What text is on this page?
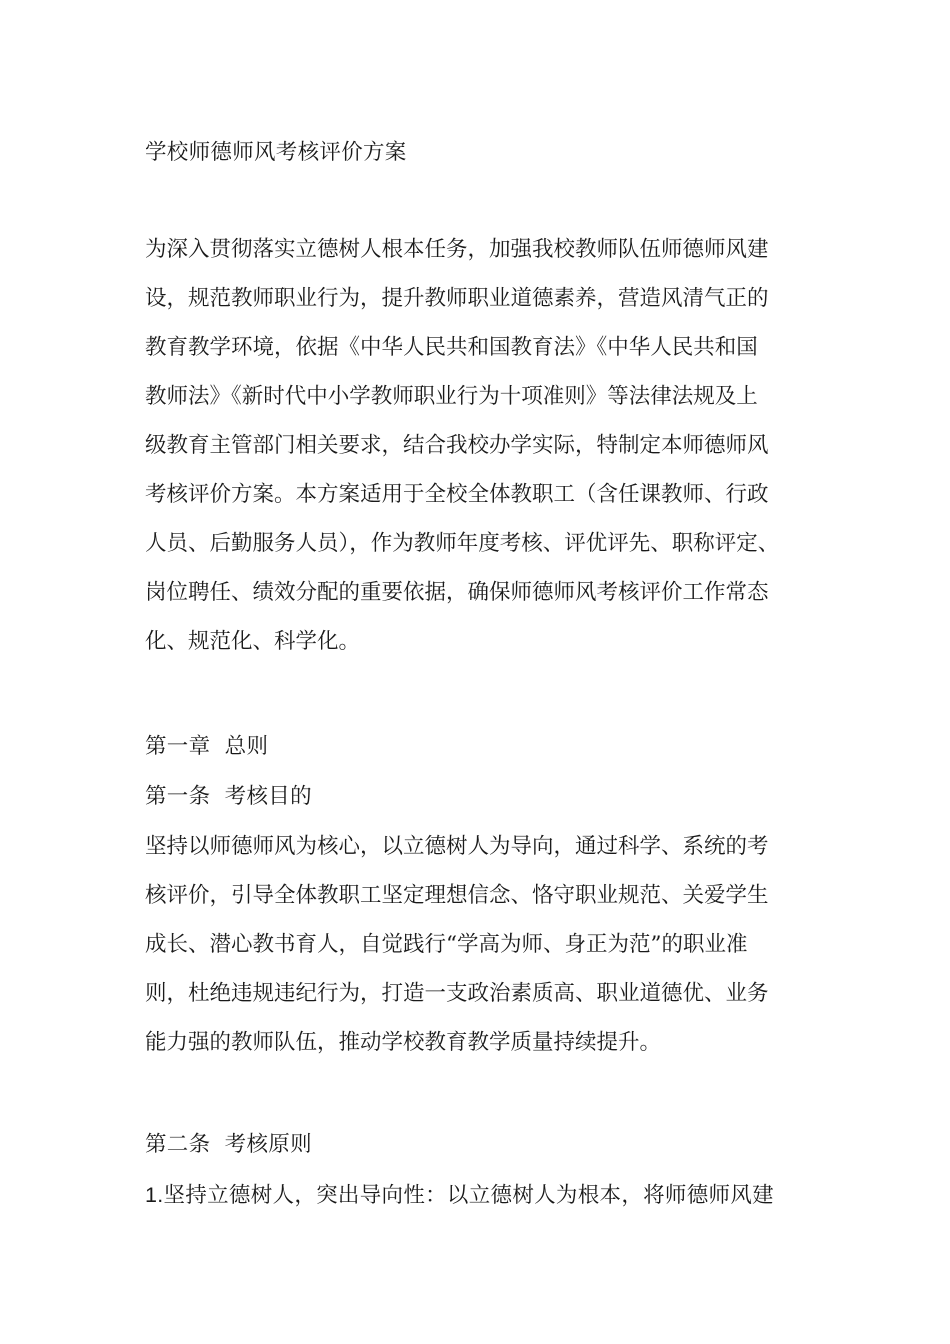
学校师德师风考核评价方案

为深入贯彻落实立德树人根本任务，加强我校教师队伍师德师风建

设，规范教师职业行为，提升教师职业道德素养，营造风清气正的

教育教学环境，依据《中华人民共和国教育法》《中华人民共和国

教师法》《新时代中小学教师职业行为十项准则》等法律法规及上

级教育主管部门相关要求，结合我校办学实际，特制定本师德师风

考核评价方案。本方案适用于全校全体教职工（含任课教师、行政

人员、后勤服务人员），作为教师年度考核、评优评先、职称评定、

岗位聘任、绩效分配的重要依据，确保师德师风考核评价工作常态

化、规范化、科学化。

第一章  总则
第一条  考核目的

坚持以师德师风为核心，以立德树人为导向，通过科学、系统的考

核评价，引导全体教职工坚定理想信念、恪守职业规范、关爱学生

成长、潜心教书育人，自觉践行“学高为师、身正为范”的职业准

则，杜绝违规违纪行为，打造一支政治素质高、职业道德优、业务

能力强的教师队伍，推动学校教育教学质量持续提升。

第二条  考核原则

1.坚持立德树人，突出导向性：以立德树人为根本，将师德师风建
